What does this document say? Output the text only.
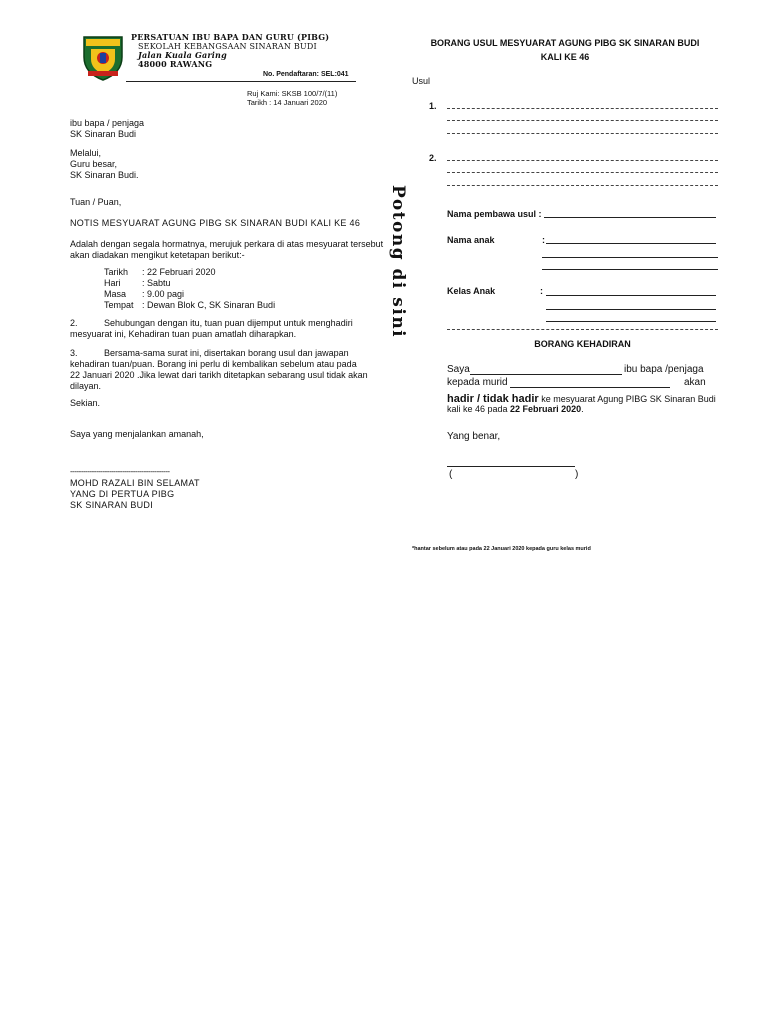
PERSATUAN IBU BAPA DAN GURU (PIBG)
SEKOLAH KEBANGSAAN SINARAN BUDI
Jalan Kuala Garing
48000 RAWANG
No. Pendaftaran: SEL:041
Ruj Kami: SKSB 100/7/(11)
Tarikh : 14 Januari 2020
ibu bapa / penjaga
SK Sinaran Budi
Melalui,
Guru besar,
SK Sinaran Budi.
Tuan / Puan,
NOTIS MESYUARAT AGUNG PIBG SK SINARAN BUDI KALI KE 46
Adalah dengan segala hormatnya, merujuk perkara di atas mesyuarat tersebut
akan diadakan mengikut ketetapan berikut:-
Tarikh	: 22 Februari 2020
Hari	: Sabtu
Masa	: 9.00 pagi
Tempat : Dewan Blok C, SK Sinaran Budi
2.	Sehubungan dengan itu, tuan puan dijemput untuk menghadiri
mesyuarat ini, Kehadiran tuan puan amatlah diharapkan.
3.	Bersama-sama surat ini, disertakan borang usul dan jawapan
kehadiran tuan/puan. Borang ini perlu di kembalikan sebelum atau pada
22 Januari 2020 .Jika lewat dari tarikh ditetapkan sebarang usul tidak akan
dilayan.
Sekian.
Saya yang menjalankan amanah,
----------------------------------------------
MOHD RAZALI BIN SELAMAT
YANG DI PERTUA PIBG
SK SINARAN BUDI
Potong di sini
BORANG USUL MESYUARAT AGUNG PIBG SK SINARAN BUDI
KALI KE 46
Usul
1.
2.
Nama pembawa usul :
Nama anak	:
Kelas Anak	:
BORANG KEHADIRAN
Saya	ibu bapa /penjaga
kepada murid	akan
hadir / tidak hadir ke mesyuarat Agung PIBG SK Sinaran Budi
kali ke 46 pada 22 Februari 2020.
Yang benar,
(	)
*hantar sebelum atau pada 22 Januari 2020 kepada guru kelas murid
